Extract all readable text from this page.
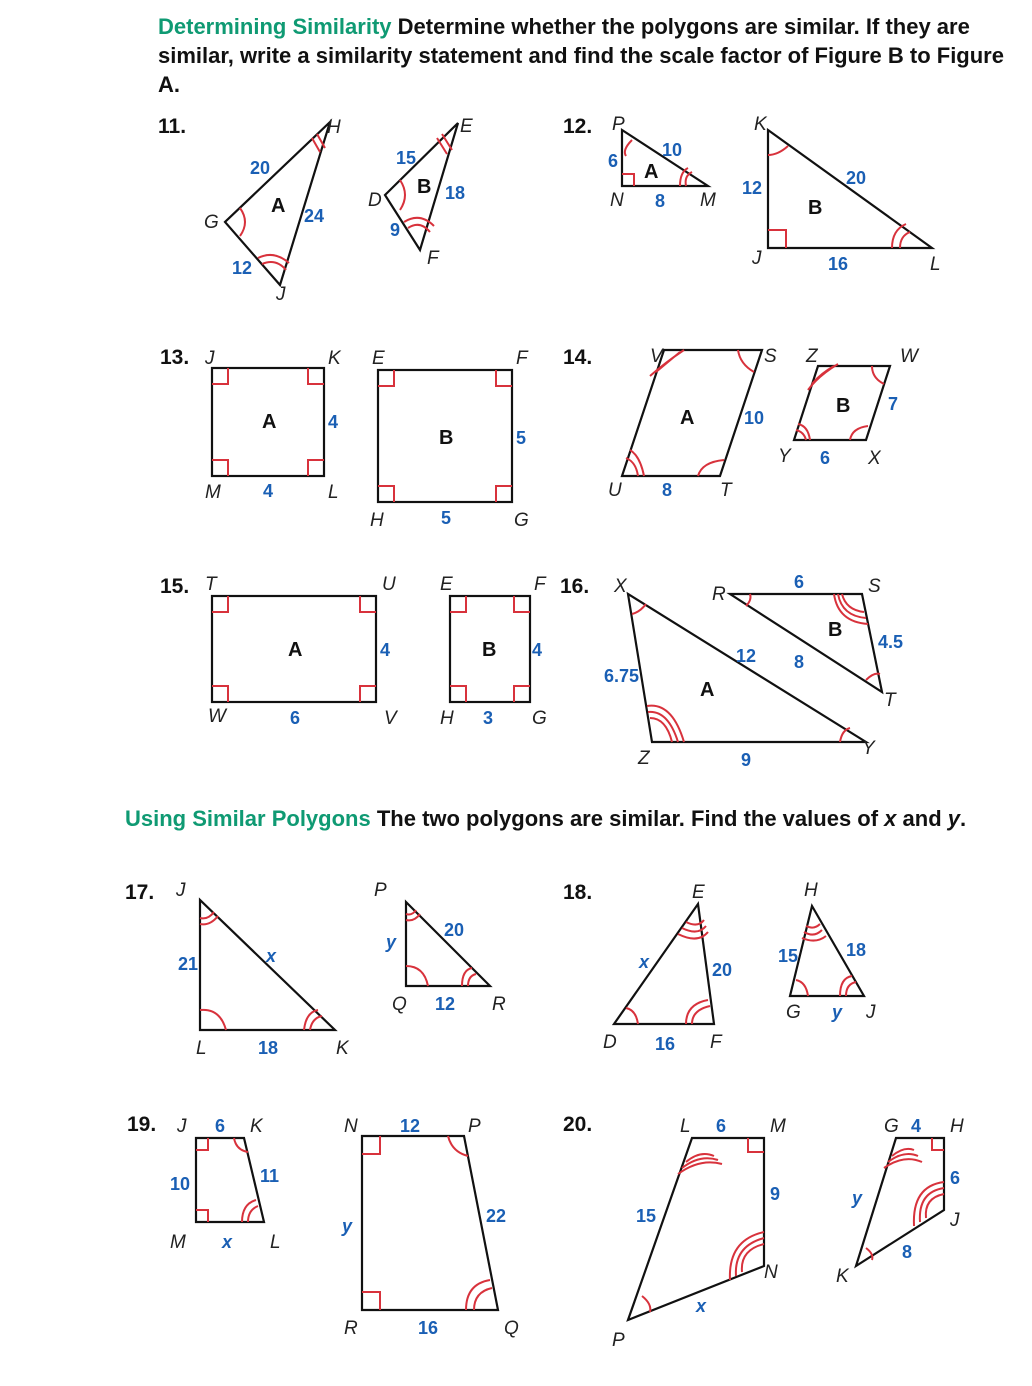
Determining Similarity Determine whether the polygons are similar. If they are similar, write a similarity statement and find the scale factor of Figure B to Figure A.
Using Similar Polygons The two polygons are similar. Find the values of x and y.
11.	12.
13.	14.
15.	16.
17.	18.
19.	20.
H
G
J
E
D
F
20
24
12
15
18
9
A
B
P
N	M
K
J	L
10
6
8
20
12
16
A
B
J	K
M	L
E	F
H	G
4
4
5
5
A
B
V	S
U	T
Z	W
Y	X
10
8
7
6
A
B
T	U
W	V
E	F
H	G
4
6
4
3
A	B
X
Z	Y
R	S
T
6.75
12
9
6
4.5
8
A
B
J
L	K
P
Q	R
21	x
18
y
20
12
E
D	F
H
G	J
x	20
16
15	18
y
J	K
M	L
N	P
R	Q
6
10	11
x
12
y	22
16
L	M
N
P
G	H
J
K
6
9
15
x
4
6
y
8
